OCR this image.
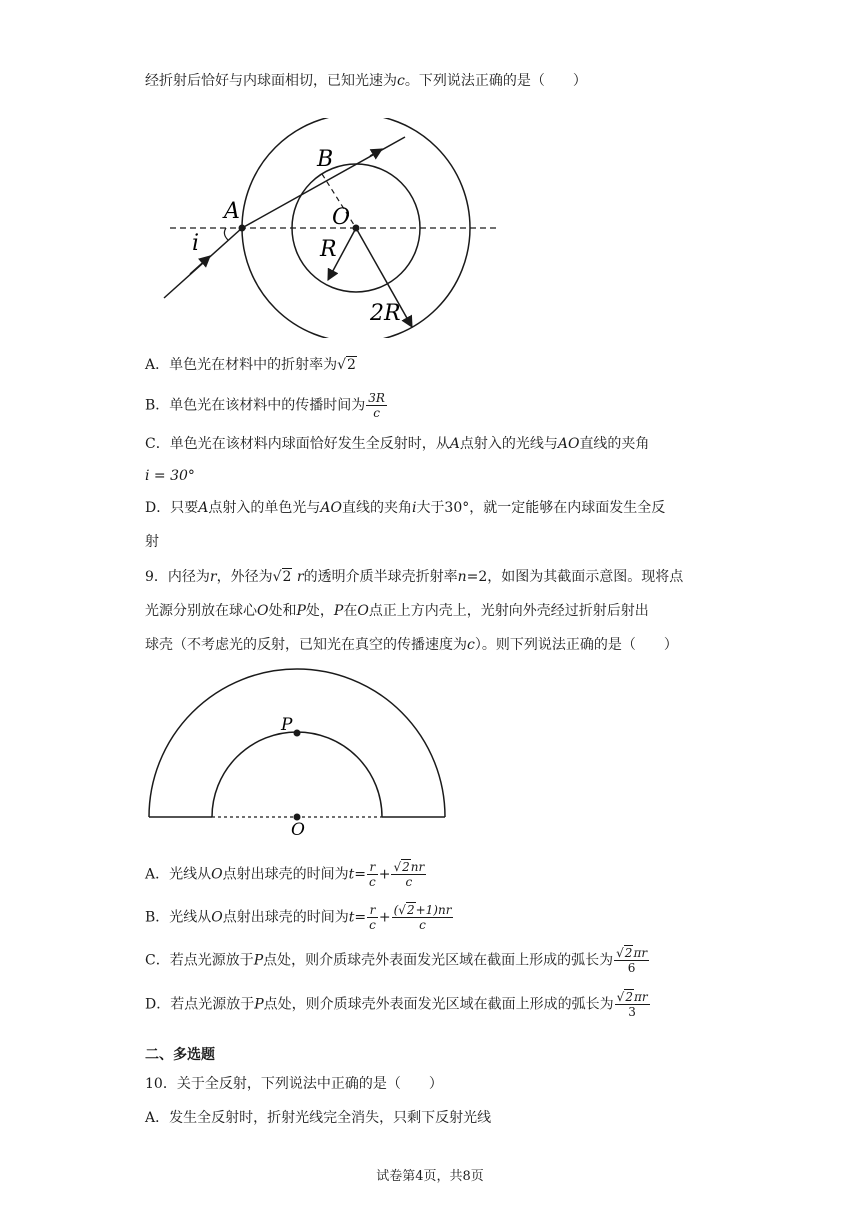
经折射后恰好与内球面相切，已知光速为c。下列说法正确的是（　　）
A
B
O
i	R
2R
A．单色光在材料中的折射率为√2
B．单色光在该材料中的传播时间为 $\frac{3R}{c}$
C．单色光在该材料内球面恰好发生全反射时，从A点射入的光线与AO直线的夹角
i = 30°
D．只要A点射入的单色光与AO直线的夹角i大于30°，就一定能够在内球面发生全反
射
9．内径为r，外径为√2 r的透明介质半球壳折射率n=2，如图为其截面示意图。现将点
光源分别放在球心O处和P处，P在O点正上方内壳上，光射向外壳经过折射后射出
球壳（不考虑光的反射，已知光在真空的传播速度为c）。则下列说法正确的是（　　）
P
O
A．光线从O点射出球壳的时间为$t= \frac{r}{c} + \frac{√2nr}{c}$
B．光线从O点射出球壳的时间为$t= \frac{r}{c} + \frac{(√2+1)nr}{c}$
C．若点光源放于P点处，则介质球壳外表面发光区域在截面上形成的弧长为 $\frac{√2\pi r}{6}$
D．若点光源放于P点处，则介质球壳外表面发光区域在截面上形成的弧长为 $\frac{√2\pi r}{3}$
二、多选题
10．关于全反射，下列说法中正确的是（　　）
A．发生全反射时，折射光线完全消失，只剩下反射光线
试卷第4页，共8页
